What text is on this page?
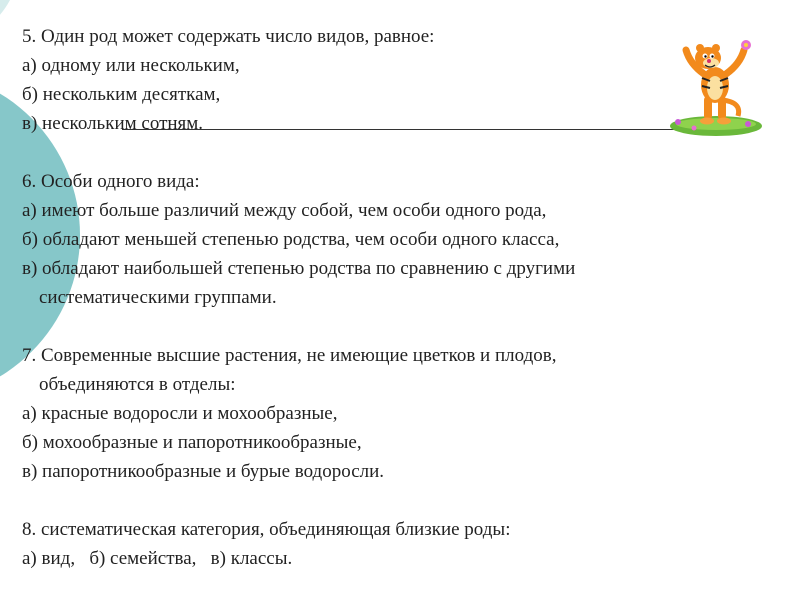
5. Один род может содержать число видов, равное:
а) одному или нескольким,
б) нескольким десяткам,
в) нескольким сотням.
6. Особи одного вида:
а) имеют больше различий между собой, чем особи одного рода,
б) обладают меньшей степенью родства, чем особи одного класса,
в) обладают наибольшей степенью родства по сравнению с другими
систематическими группами.
7. Современные высшие растения, не имеющие цветков и плодов,
объединяются в отделы:
а) красные водоросли и мохообразные,
б) мохообразные и папоротникообразные,
в) папоротникообразные и бурые водоросли.
8. систематическая категория, объединяющая близкие роды:
а) вид,   б) семейства,   в) классы.
